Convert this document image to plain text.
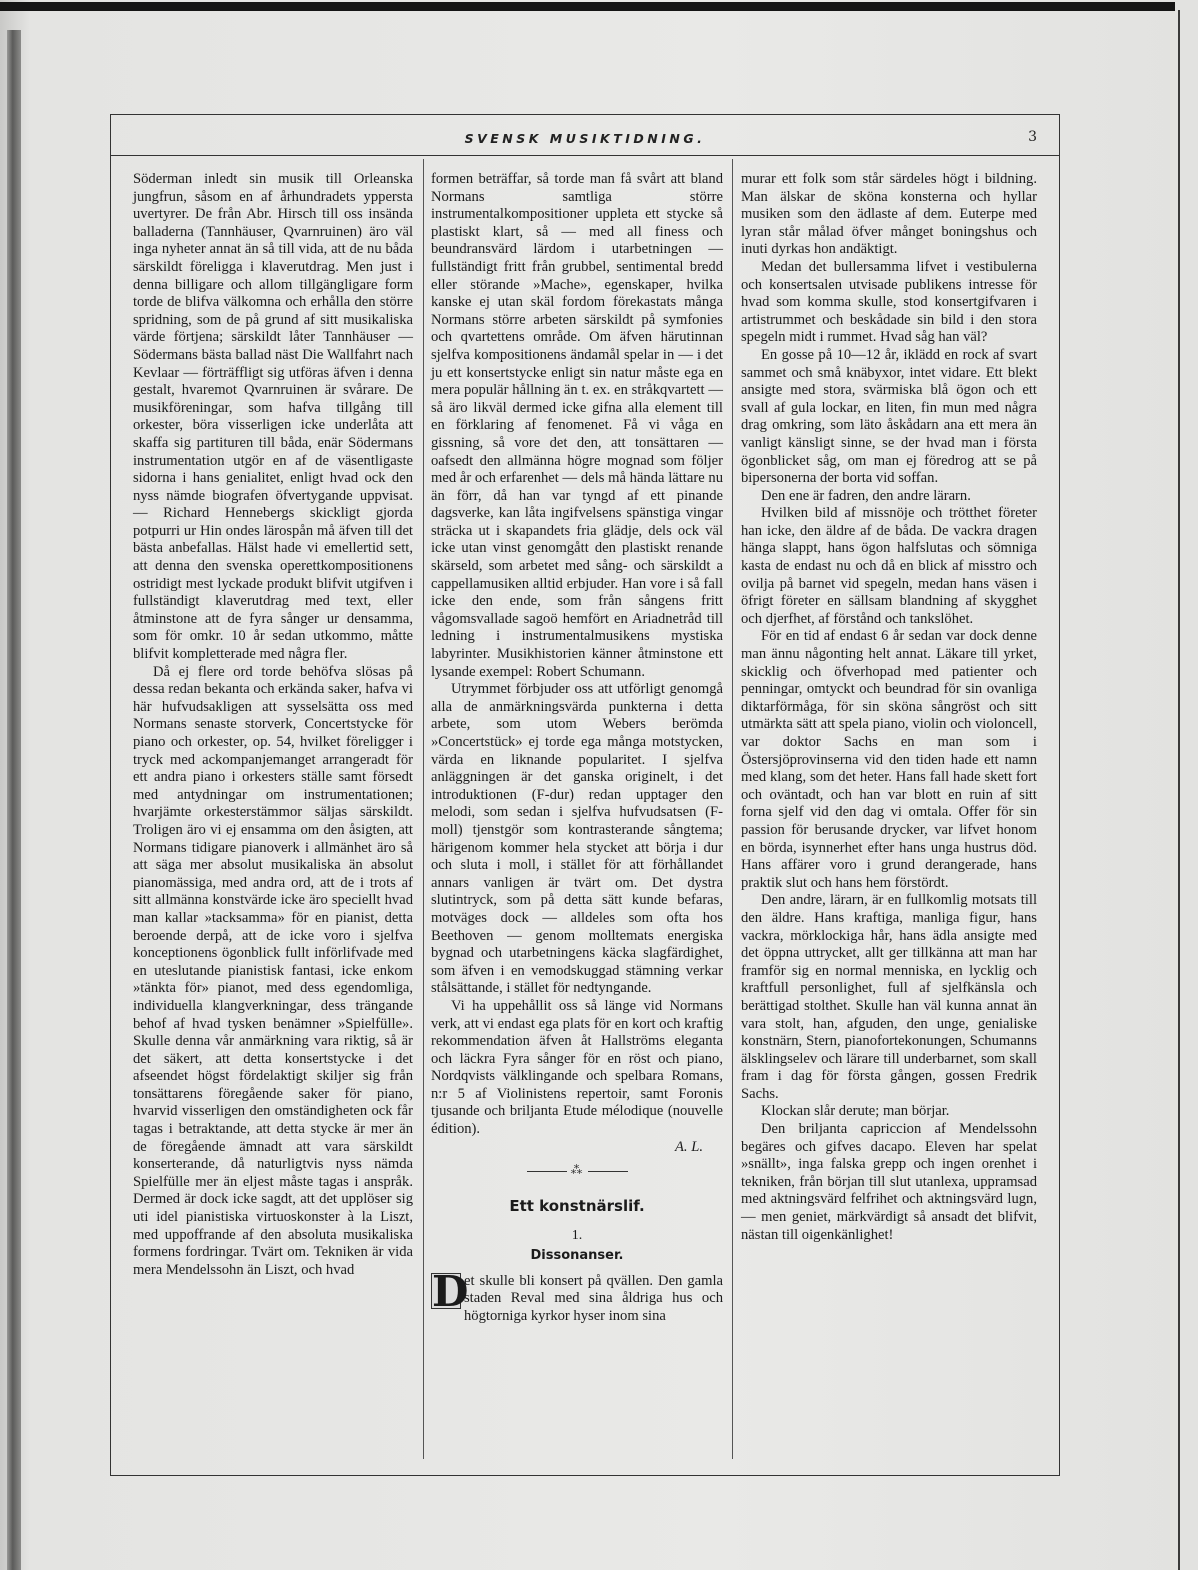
SVENSK MUSIKTIDNING.	3

Söderman inledt sin musik till Orleanska jungfrun, såsom en af århundradets yppersta uvertyrer. De från Abr. Hirsch till oss insända balladerna (Tannhäuser, Qvarnruinen) äro väl inga nyheter annat än så till vida, att de nu båda särskildt föreligga i klaverutdrag. Men just i denna billigare och allom tillgängligare form torde de blifva välkomna och erhålla den större spridning, som de på grund af sitt musikaliska värde förtjena; särskildt låter Tannhäuser — Södermans bästa ballad näst Die Wallfahrt nach Kevlaar — förträffligt sig utföras äfven i denna gestalt, hvaremot Qvarnruinen är svårare. De musikföreningar, som hafva tillgång till orkester, böra visserligen icke underlåta att skaffa sig partituren till båda, enär Södermans instrumentation utgör en af de väsentligaste sidorna i hans genialitet, enligt hvad ock den nyss nämde biografen öfvertygande uppvisat. — Richard Hennebergs skickligt gjorda potpurri ur Hin ondes lärospån må äfven till det bästa anbefallas. Hälst hade vi emellertid sett, att denna den svenska operettkompositionens ostridigt mest lyckade produkt blifvit utgifven i fullständigt klaverutdrag med text, eller åtminstone att de fyra sånger ur densamma, som för omkr. 10 år sedan utkommo, måtte blifvit kompletterade med några fler.

Då ej flere ord torde behöfva slösas på dessa redan bekanta och erkända saker, hafva vi här hufvudsakligen att sysselsätta oss med Normans senaste storverk, Concertstycke för piano och orkester, op. 54, hvilket föreligger i tryck med ackompanjemanget arrangeradt för ett andra piano i orkesters ställe samt försedt med antydningar om instrumentationen; hvarjämte orkesterstämmor säljas särskildt. Troligen äro vi ej ensamma om den åsigten, att Normans tidigare pianoverk i allmänhet äro så att säga mer absolut musikaliska än absolut pianomässiga, med andra ord, att de i trots af sitt allmänna konstvärde icke äro speciellt hvad man kallar »tacksamma» för en pianist, detta beroende derpå, att de icke voro i sjelfva konceptionens ögonblick fullt införlifvade med en uteslutande pianistisk fantasi, icke enkom »tänkta för» pianot, med dess egendomliga, individuella klangverkningar, dess trängande behof af hvad tysken benämner »Spielfülle». Skulle denna vår anmärkning vara riktig, så är det säkert, att detta konsertstycke i det afseendet högst fördelaktigt skiljer sig från tonsättarens föregående saker för piano, hvarvid visserligen den omständigheten ock får tagas i betraktande, att detta stycke är mer än de föregående ämnadt att vara särskildt konserterande, då naturligtvis nyss nämda Spielfülle mer än eljest måste tagas i anspråk. Dermed är dock icke sagdt, att det upplöser sig uti idel pianistiska virtuoskonster à la Liszt, med uppoffrande af den absoluta musikaliska formens fordringar. Tvärt om. Tekniken är vida mera Mendelssohn än Liszt, och hvad

formen beträffar, så torde man få svårt att bland Normans samtliga större instrumentalkompositioner uppleta ett stycke så plastiskt klart, så — med all finess och beundransvärd lärdom i utarbetningen — fullständigt fritt från grubbel, sentimental bredd eller störande »Mache», egenskaper, hvilka kanske ej utan skäl fordom förekastats många Normans större arbeten särskildt på symfonies och qvartettens område. Om äfven härutinnan sjelfva kompositionens ändamål spelar in — i det ju ett konsertstycke enligt sin natur måste ega en mera populär hållning än t. ex. en stråkqvartett — så äro likväl dermed icke gifna alla element till en förklaring af fenomenet. Få vi våga en gissning, så vore det den, att tonsättaren — oafsedt den allmänna högre mognad som följer med år och erfarenhet — dels må hända lättare nu än förr, då han var tyngd af ett pinande dagsverke, kan låta ingifvelsens spänstiga vingar sträcka ut i skapandets fria glädje, dels ock väl icke utan vinst genomgått den plastiskt renande skärseld, som arbetet med sång- och särskildt a cappellamusiken alltid erbjuder. Han vore i så fall icke den ende, som från sångens fritt vågomsvallade sagoö hemfört en Ariadnetråd till ledning i instrumentalmusikens mystiska labyrinter. Musikhistorien känner åtminstone ett lysande exempel: Robert Schumann.

Utrymmet förbjuder oss att utförligt genomgå alla de anmärkningsvärda punkterna i detta arbete, som utom Webers berömda »Concertstück» ej torde ega många motstycken, värda en liknande popularitet. I sjelfva anläggningen är det ganska originelt, i det introduktionen (F-dur) redan upptager den melodi, som sedan i sjelfva hufvudsatsen (F-moll) tjenstgör som kontrasterande sångtema; härigenom kommer hela stycket att börja i dur och sluta i moll, i stället för att förhållandet annars vanligen är tvärt om. Det dystra slutintryck, som på detta sätt kunde befaras, motväges dock — alldeles som ofta hos Beethoven — genom molltemats energiska bygnad och utarbetningens käcka slagfärdighet, som äfven i en vemodskuggad stämning verkar stålsättande, i stället för nedtyngande.

Vi ha uppehållit oss så länge vid Normans verk, att vi endast ega plats för en kort och kraftig rekommendation äfven åt Hallströms eleganta och läckra Fyra sånger för en röst och piano, Nordqvists välklingande och spelbara Romans, n:r 5 af Violinistens repertoir, samt Foronis tjusande och briljanta Etude mélodique (nouvelle édition).

A. L.
⁂
Ett konstnärslif.
1.
Dissonanser.

D
et skulle bli konsert på qvällen. Den gamla staden Reval med sina åldriga hus och högtorniga kyrkor hyser inom sina

murar ett folk som står särdeles högt i bildning. Man älskar de sköna konsterna och hyllar musiken som den ädlaste af dem. Euterpe med lyran står målad öfver månget boningshus och inuti dyrkas hon andäktigt.

Medan det bullersamma lifvet i vestibulerna och konsertsalen utvisade publikens intresse för hvad som komma skulle, stod konsertgifvaren i artistrummet och beskådade sin bild i den stora spegeln midt i rummet. Hvad såg han väl?

En gosse på 10—12 år, iklädd en rock af svart sammet och små knäbyxor, intet vidare. Ett blekt ansigte med stora, svärmiska blå ögon och ett svall af gula lockar, en liten, fin mun med några drag omkring, som läto åskådarn ana ett mera än vanligt känsligt sinne, se der hvad man i första ögonblicket såg, om man ej föredrog att se på bipersonerna der borta vid soffan.

Den ene är fadren, den andre lärarn.

Hvilken bild af missnöje och trötthet företer han icke, den äldre af de båda. De vackra dragen hänga slappt, hans ögon halfslutas och sömniga kasta de endast nu och då en blick af misstro och ovilja på barnet vid spegeln, medan hans väsen i öfrigt företer en sällsam blandning af skygghet och djerfhet, af förstånd och tankslöhet.

För en tid af endast 6 år sedan var dock denne man ännu någonting helt annat. Läkare till yrket, skicklig och öfverhopad med patienter och penningar, omtyckt och beundrad för sin ovanliga diktarförmåga, för sin sköna sångröst och sitt utmärkta sätt att spela piano, violin och violoncell, var doktor Sachs en man som i Östersjöprovinserna vid den tiden hade ett namn med klang, som det heter. Hans fall hade skett fort och oväntadt, och han var blott en ruin af sitt forna sjelf vid den dag vi omtala. Offer för sin passion för berusande drycker, var lifvet honom en börda, isynnerhet efter hans unga hustrus död. Hans affärer voro i grund derangerade, hans praktik slut och hans hem förstördt.

Den andre, lärarn, är en fullkomlig motsats till den äldre. Hans kraftiga, manliga figur, hans vackra, mörklockiga hår, hans ädla ansigte med det öppna uttrycket, allt ger tillkänna att man har framför sig en normal menniska, en lycklig och kraftfull personlighet, full af sjelfkänsla och berättigad stolthet. Skulle han väl kunna annat än vara stolt, han, afguden, den unge, genialiske konstnärn, Stern, pianofortekonungen, Schumanns älsklingselev och lärare till underbarnet, som skall fram i dag för första gången, gossen Fredrik Sachs.

Klockan slår derute; man börjar.

Den briljanta capriccion af Mendelssohn begäres och gifves dacapo. Eleven har spelat »snällt», inga falska grepp och ingen orenhet i tekniken, från början till slut utanlexa, uppramsad med aktningsvärd felfrihet och aktningsvärd lugn, — men geniet, märkvärdigt så ansadt det blifvit, nästan till oigenkänlighet!
